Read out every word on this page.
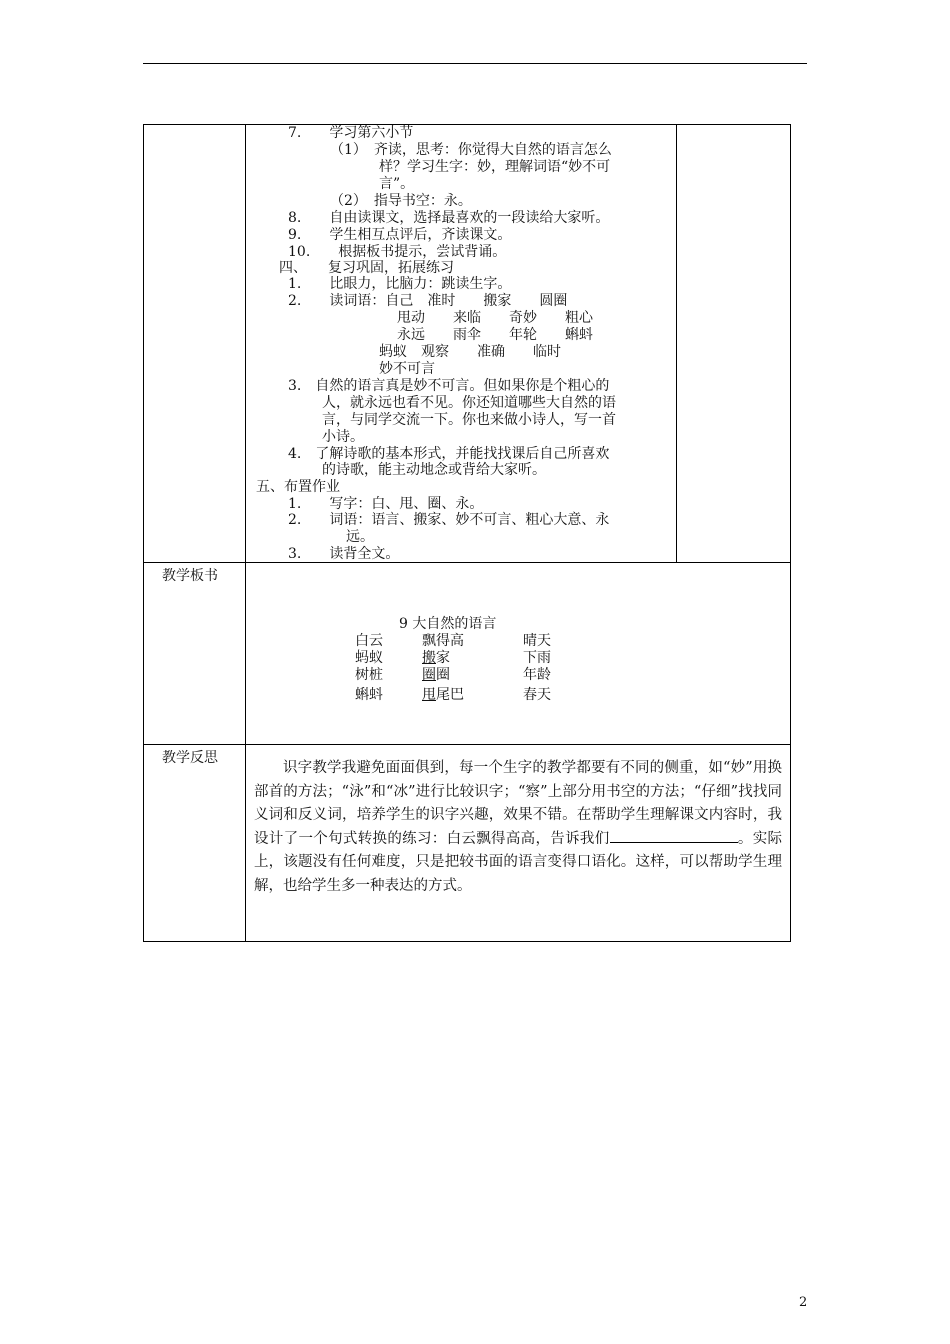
7.　　学习第六小节
（1）　齐读，思考：你觉得大自然的语言怎么
样？学习生字：妙，理解词语“妙不可
言”。
（2）　指导书空：永。
8.　　自由读课文，选择最喜欢的一段读给大家听。
9.　　学生相互点评后，齐读课文。
10.　　根据板书提示，尝试背诵。
四、　　复习巩固，拓展练习
1.　　比眼力，比脑力：跳读生字。
2.　　读词语：自己　准时　　搬家　　圆圈
甩动　　来临　　奇妙　　粗心
永远　　雨伞　　年轮　　蝌蚪
蚂蚁　观察　　准确　　临时
妙不可言
3.　自然的语言真是妙不可言。但如果你是个粗心的
人，就永远也看不见。你还知道哪些大自然的语
言，与同学交流一下。你也来做小诗人，写一首
小诗。
4.　了解诗歌的基本形式，并能找找课后自己所喜欢
的诗歌，能主动地念或背给大家听。
五、布置作业
1.　　写字：白、甩、圈、永。
2.　　词语：语言、搬家、妙不可言、粗心大意、永
远。
3.　　读背全文。
教学板书
9 大自然的语言
白云
蚂蚁
树桩
蝌蚪
飘得高
搬家
圈圈
甩尾巴
晴天
下雨
年龄
春天
教学反思

识字教学我避免面面俱到，每一个生字的教学都要有不同的侧重，如“妙”用换部首的方法；“泳”和“冰”进行比较识字；“察”上部分用书空的方法；“仔细”找找同义词和反义词，培养学生的识字兴趣，效果不错。在帮助学生理解课文内容时，我设计了一个句式转换的练习：白云飘得高高，告诉我们	。实际上，该题没有任何难度，只是把较书面的语言变得口语化。这样，可以帮助学生理解，也给学生多一种表达的方式。

2
